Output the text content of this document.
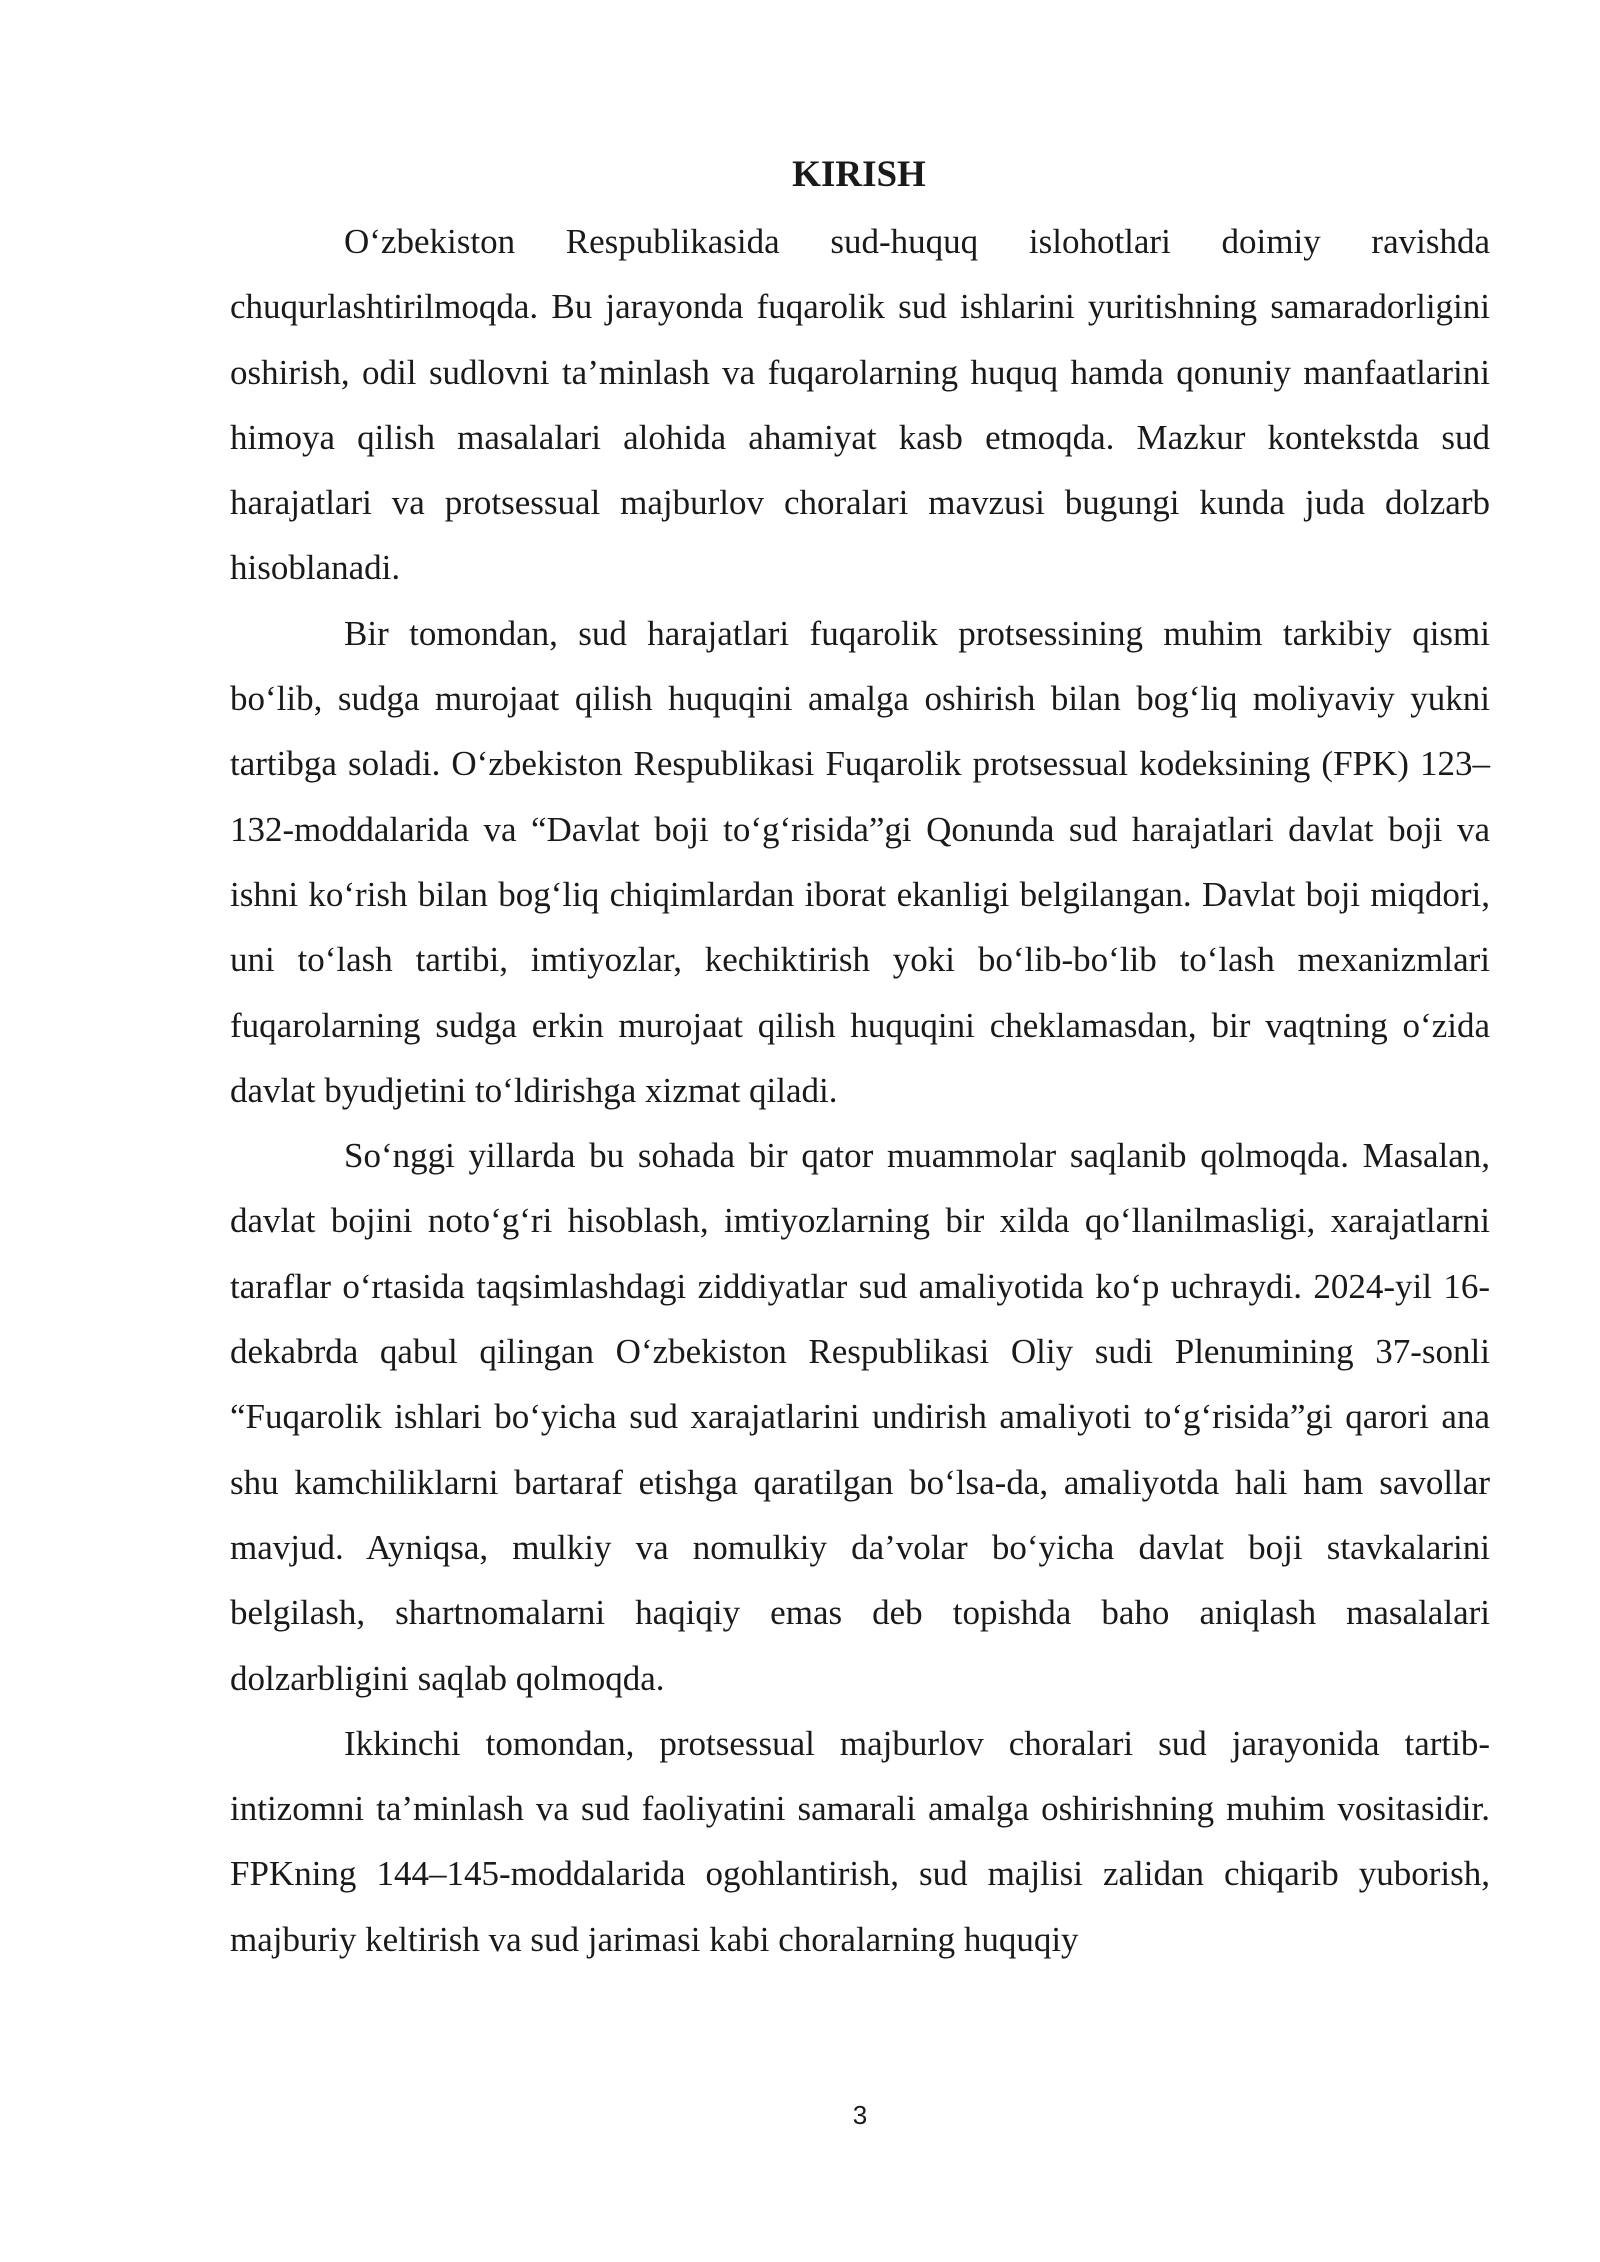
KIRISH

O‘zbekiston Respublikasida sud-huquq islohotlari doimiy ravishda chuqurlashtirilmoqda. Bu jarayonda fuqarolik sud ishlarini yuritishning samaradorligini oshirish, odil sudlovni ta’minlash va fuqarolarning huquq hamda qonuniy manfaatlarini himoya qilish masalalari alohida ahamiyat kasb etmoqda. Mazkur kontekstda sud harajatlari va protsessual majburlov choralari mavzusi bugungi kunda juda dolzarb hisoblanadi.

Bir tomondan, sud harajatlari fuqarolik protsessining muhim tarkibiy qismi bo‘lib, sudga murojaat qilish huquqini amalga oshirish bilan bog‘liq moliyaviy yukni tartibga soladi. O‘zbekiston Respublikasi Fuqarolik protsessual kodeksining (FPK) 123–132-moddalarida va “Davlat boji to‘g‘risida”gi Qonunda sud harajatlari davlat boji va ishni ko‘rish bilan bog‘liq chiqimlardan iborat ekanligi belgilangan. Davlat boji miqdori, uni to‘lash tartibi, imtiyozlar, kechiktirish yoki bo‘lib-bo‘lib to‘lash mexanizmlari fuqarolarning sudga erkin murojaat qilish huquqini cheklamasdan, bir vaqtning o‘zida davlat byudjetini to‘ldirishga xizmat qiladi.

So‘nggi yillarda bu sohada bir qator muammolar saqlanib qolmoqda. Masalan, davlat bojini noto‘g‘ri hisoblash, imtiyozlarning bir xilda qo‘llanilmasligi, xarajatlarni taraflar o‘rtasida taqsimlashdagi ziddiyatlar sud amaliyotida ko‘p uchraydi. 2024-yil 16-dekabrda qabul qilingan O‘zbekiston Respublikasi Oliy sudi Plenumining 37-sonli “Fuqarolik ishlari bo‘yicha sud xarajatlarini undirish amaliyoti to‘g‘risida”gi qarori ana shu kamchiliklarni bartaraf etishga qaratilgan bo‘lsa-da, amaliyotda hali ham savollar mavjud. Ayniqsa, mulkiy va nomulkiy da’volar bo‘yicha davlat boji stavkalarini belgilash, shartnomalarni haqiqiy emas deb topishda baho aniqlash masalalari dolzarbligini saqlab qolmoqda.

Ikkinchi tomondan, protsessual majburlov choralari sud jarayonida tartib-intizomni ta’minlash va sud faoliyatini samarali amalga oshirishning muhim vositasidir. FPKning 144–145-moddalarida ogohlantirish, sud majlisi zalidan chiqarib yuborish, majburiy keltirish va sud jarimasi kabi choralarning huquqiy

3
